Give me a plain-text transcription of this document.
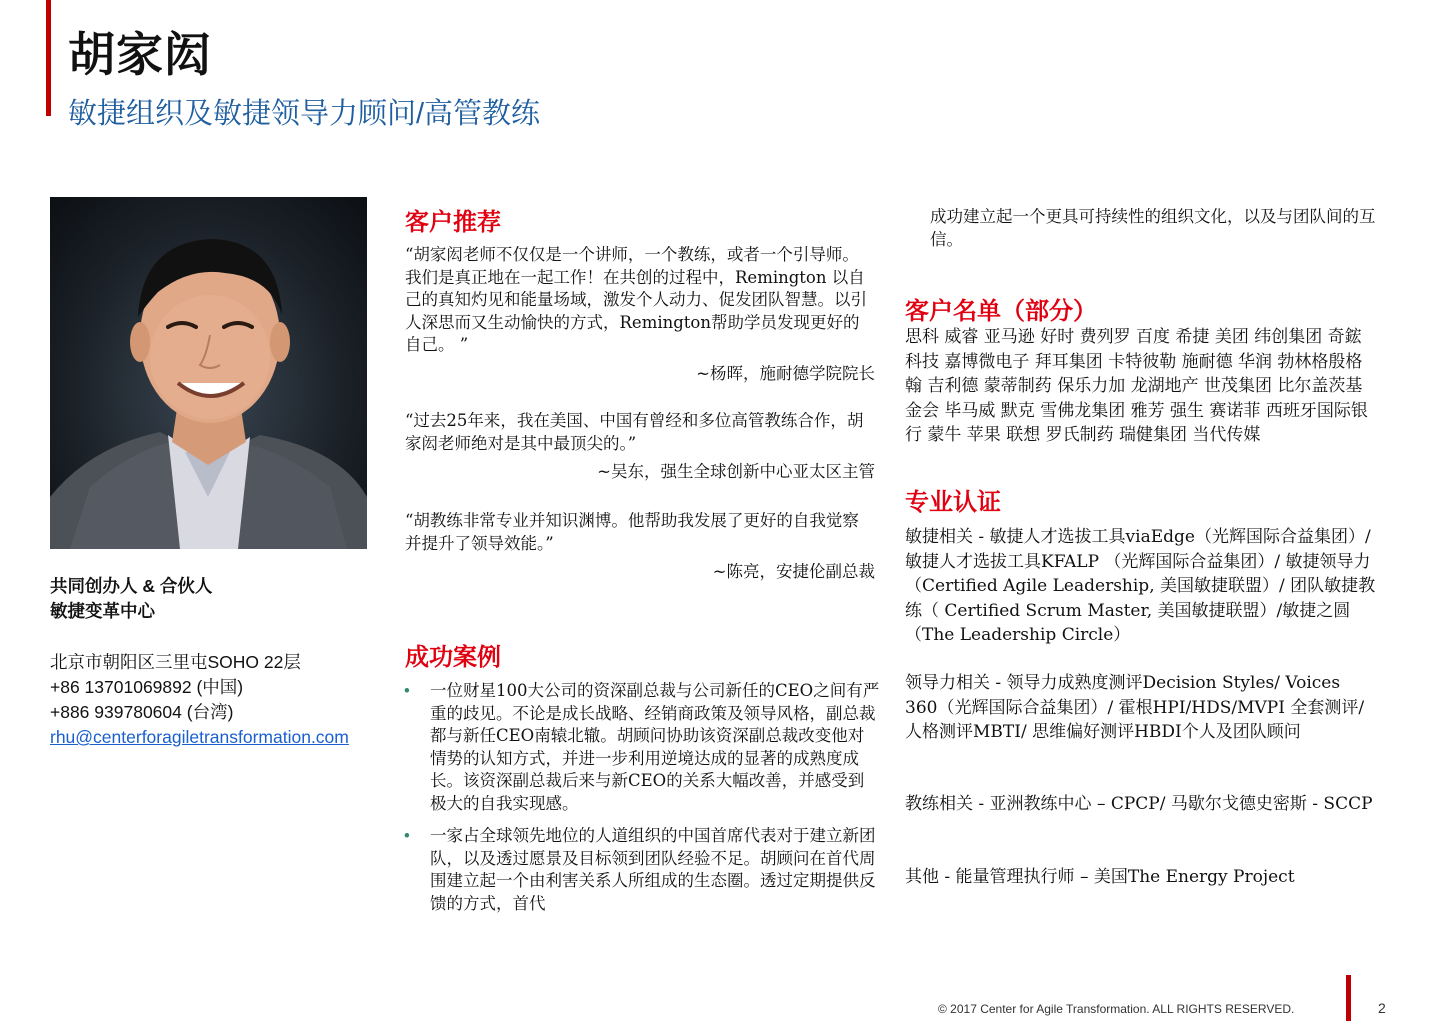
胡家闳
敏捷组织及敏捷领导力顾问/高管教练
共同创办人 & 合伙人
敏捷变革中心
北京市朝阳区三里屯SOHO 22层
+86 13701069892 (中国)
+886 939780604 (台湾)
rhu@centerforagiletransformation.com
客户推荐
“胡家闳老师不仅仅是一个讲师，一个教练，或者一个引导师。我们是真正地在一起工作！在共创的过程中，Remington 以自己的真知灼见和能量场域，激发个人动力、促发团队智慧。以引人深思而又生动愉快的方式，Remington帮助学员发现更好的自己。 ”
~杨晖，施耐德学院院长
“过去25年来，我在美国、中国有曾经和多位高管教练合作，胡家闳老师绝对是其中最顶尖的。”
~吴东，强生全球创新中心亚太区主管
“胡教练非常专业并知识渊博。他帮助我发展了更好的自我觉察并提升了领导效能。”
~陈亮，安捷伦副总裁
成功案例
• 一位财星100大公司的资深副总裁与公司新任的CEO之间有严重的歧见。不论是成长战略、经销商政策及领导风格，副总裁都与新任CEO南辕北辙。胡顾问协助该资深副总裁改变他对情势的认知方式，并进一步利用逆境达成的显著的成熟度成长。该资深副总裁后来与新CEO的关系大幅改善，并感受到极大的自我实现感。
• 一家占全球领先地位的人道组织的中国首席代表对于建立新团队，以及透过愿景及目标领到团队经验不足。胡顾问在首代周围建立起一个由利害关系人所组成的生态圈。透过定期提供反馈的方式，首代
成功建立起一个更具可持续性的组织文化，以及与团队间的互信。
客户名单（部分）
思科 威睿 亚马逊 好时 费列罗 百度 希捷 美团 纬创集团 奇鋐科技 嘉博微电子 拜耳集团 卡特彼勒 施耐德 华润 勃林格殷格翰 吉利德 蒙蒂制药 保乐力加 龙湖地产 世茂集团 比尔盖茨基金会 毕马威 默克 雪佛龙集团 雅芳 强生 赛诺菲 西班牙国际银行 蒙牛 苹果 联想 罗氏制药 瑞健集团 当代传媒
专业认证
敏捷相关 - 敏捷人才选拔工具viaEdge（光辉国际合益集团）/ 敏捷人才选拔工具KFALP （光辉国际合益集团）/ 敏捷领导力（Certified Agile Leadership, 美国敏捷联盟）/ 团队敏捷教练（ Certified Scrum Master, 美国敏捷联盟）/敏捷之圆（The Leadership Circle）
领导力相关 - 领导力成熟度测评Decision Styles/ Voices 360（光辉国际合益集团）/ 霍根HPI/HDS/MVPI 全套测评/ 人格测评MBTI/ 思维偏好测评HBDI个人及团队顾问
教练相关 - 亚洲教练中心 – CPCP/ 马歇尔戈德史密斯 - SCCP
其他 - 能量管理执行师 – 美国The Energy Project
© 2017 Center for Agile Transformation. ALL RIGHTS RESERVED.	2
